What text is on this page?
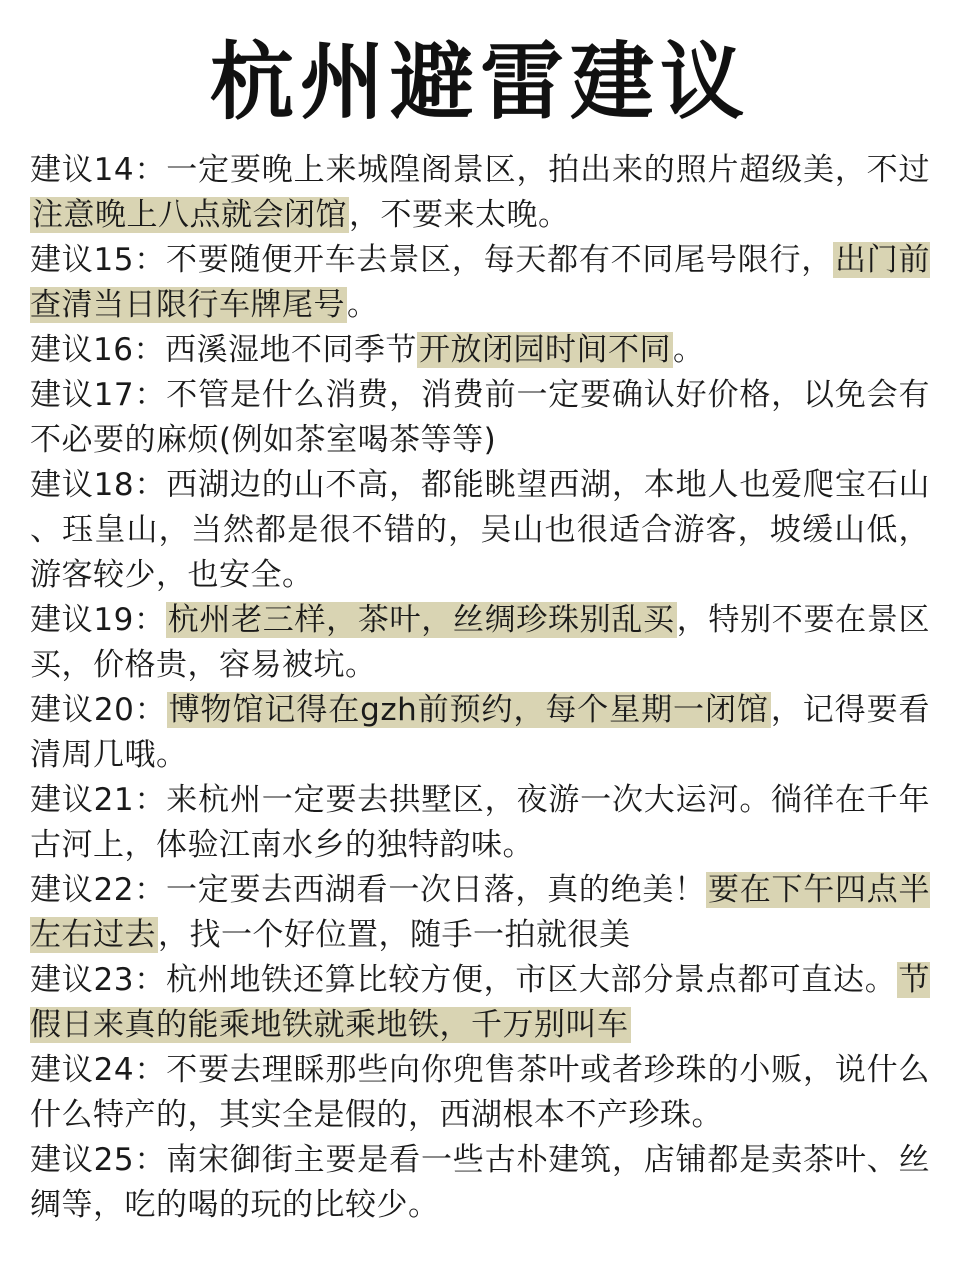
杭州避雷建议

建议14：一定要晚上来城隍阁景区，拍出来的照片超级美，不过注意晚上八点就会闭馆，不要来太晚。

建议15：不要随便开车去景区，每天都有不同尾号限行，出门前查清当日限行车牌尾号。

建议16：西溪湿地不同季节开放闭园时间不同。

建议17：不管是什么消费，消费前一定要确认好价格，以免会有不必要的麻烦(例如茶室喝茶等等)

建议18：西湖边的山不高，都能眺望西湖，本地人也爱爬宝石山、珏皇山，当然都是很不错的，吴山也很适合游客，坡缓山低，游客较少，也安全。

建议19：杭州老三样，茶叶，丝绸珍珠别乱买，特别不要在景区买，价格贵，容易被坑。

建议20：博物馆记得在gzh前预约，每个星期一闭馆，记得要看清周几哦。

建议21：来杭州一定要去拱墅区，夜游一次大运河。徜徉在千年古河上，体验江南水乡的独特韵味。

建议22：一定要去西湖看一次日落，真的绝美！要在下午四点半左右过去，找一个好位置，随手一拍就很美

建议23：杭州地铁还算比较方便，市区大部分景点都可直达。节假日来真的能乘地铁就乘地铁，千万别叫车

建议24：不要去理睬那些向你兜售茶叶或者珍珠的小贩，说什么什么特产的，其实全是假的，西湖根本不产珍珠。

建议25：南宋御街主要是看一些古朴建筑，店铺都是卖茶叶、丝绸等，吃的喝的玩的比较少。
